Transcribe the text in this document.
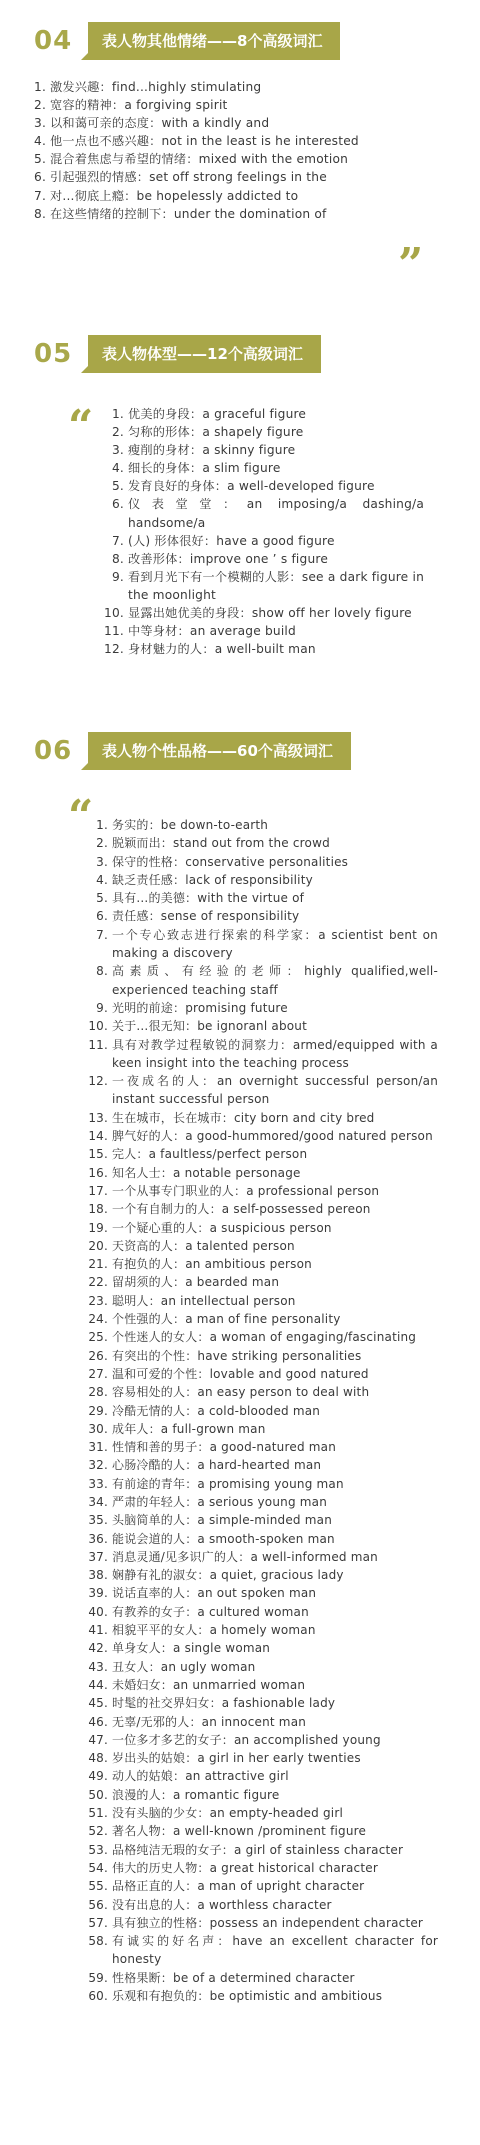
04	表人物其他情绪——8个高级词汇
1. 激发兴趣：find...highly stimulating
2. 宽容的精神：a forgiving spirit
3. 以和蔼可亲的态度：with a kindly and
4. 他一点也不感兴趣：not in the least is he interested
5. 混合着焦虑与希望的情绪：mixed with the emotion
6. 引起强烈的情感：set off strong feelings in the
7. 对...彻底上瘾：be hopelessly addicted to
8. 在这些情绪的控制下：under the domination of
”
05	表人物体型——12个高级词汇
“	1. 优美的身段：a graceful figure
2. 匀称的形体：a shapely figure
3. 瘦削的身材：a skinny figure
4. 细长的身体：a slim figure
5. 发育良好的身体：a well-developed figure
6. 仪表堂堂：an imposing/a dashing/a handsome/a
7. (人) 形体很好：have a good figure
8. 改善形体：improve one ’ s figure
9. 看到月光下有一个模糊的人影：see a dark figure in the moonlight
10. 显露出她优美的身段：show off her lovely figure
11. 中等身材：an average build
12. 身材魅力的人：a well-built man
06	表人物个性品格——60个高级词汇
“ 1. 务实的：be down-to-earth
2. 脱颖而出：stand out from the crowd
3. 保守的性格：conservative personalities
4. 缺乏责任感：lack of responsibility
5. 具有...的美德：with the virtue of
6. 责任感：sense of responsibility
7. 一个专心致志进行探索的科学家：a scientist bent on making a discovery
8. 高素质、有经验的老师：highly qualified,well-experienced teaching staff
9. 光明的前途：promising future
10. 关于...很无知：be ignoranl about
11. 具有对教学过程敏锐的洞察力：armed/equipped with a keen insight into the teaching process
12. 一夜成名的人：an overnight successful person/an instant successful person
13. 生在城市，长在城市：city born and city bred
14. 脾气好的人：a good-hummored/good natured person
15. 完人：a faultless/perfect person
16. 知名人士：a notable personage
17. 一个从事专门职业的人：a professional person
18. 一个有自制力的人：a self-possessed pereon
19. 一个疑心重的人：a suspicious person
20. 天资高的人：a talented person
21. 有抱负的人：an ambitious person
22. 留胡须的人：a bearded man
23. 聪明人：an intellectual person
24. 个性强的人：a man of fine personality
25. 个性迷人的女人：a woman of engaging/fascinating
26. 有突出的个性：have striking personalities
27. 温和可爱的个性：lovable and good natured
28. 容易相处的人：an easy person to deal with
29. 冷酷无情的人：a cold-blooded man
30. 成年人：a full-grown man
31. 性情和善的男子：a good-natured man
32. 心肠冷酷的人：a hard-hearted man
33. 有前途的青年：a promising young man
34. 严肃的年轻人：a serious young man
35. 头脑简单的人：a simple-minded man
36. 能说会道的人：a smooth-spoken man
37. 消息灵通/见多识广的人：a well-informed man
38. 娴静有礼的淑女：a quiet, gracious lady
39. 说话直率的人：an out spoken man
40. 有教养的女子：a cultured woman
41. 相貌平平的女人：a homely woman
42. 单身女人：a single woman
43. 丑女人：an ugly woman
44. 未婚妇女：an unmarried woman
45. 时髦的社交界妇女：a fashionable lady
46. 无辜/无邪的人：an innocent man
47. 一位多才多艺的女子：an accomplished young
48. 岁出头的姑娘：a girl in her early twenties
49. 动人的姑娘：an attractive girl
50. 浪漫的人：a romantic figure
51. 没有头脑的少女：an empty-headed girl
52. 著名人物：a well-known /prominent figure
53. 品格纯洁无瑕的女子：a girl of stainless character
54. 伟大的历史人物：a great historical character
55. 品格正直的人：a man of upright character
56. 没有出息的人：a worthless character
57. 具有独立的性格：possess an independent character
58. 有诚实的好名声：have an excellent character for honesty
59. 性格果断：be of a determined character
60. 乐观和有抱负的：be optimistic and ambitious
